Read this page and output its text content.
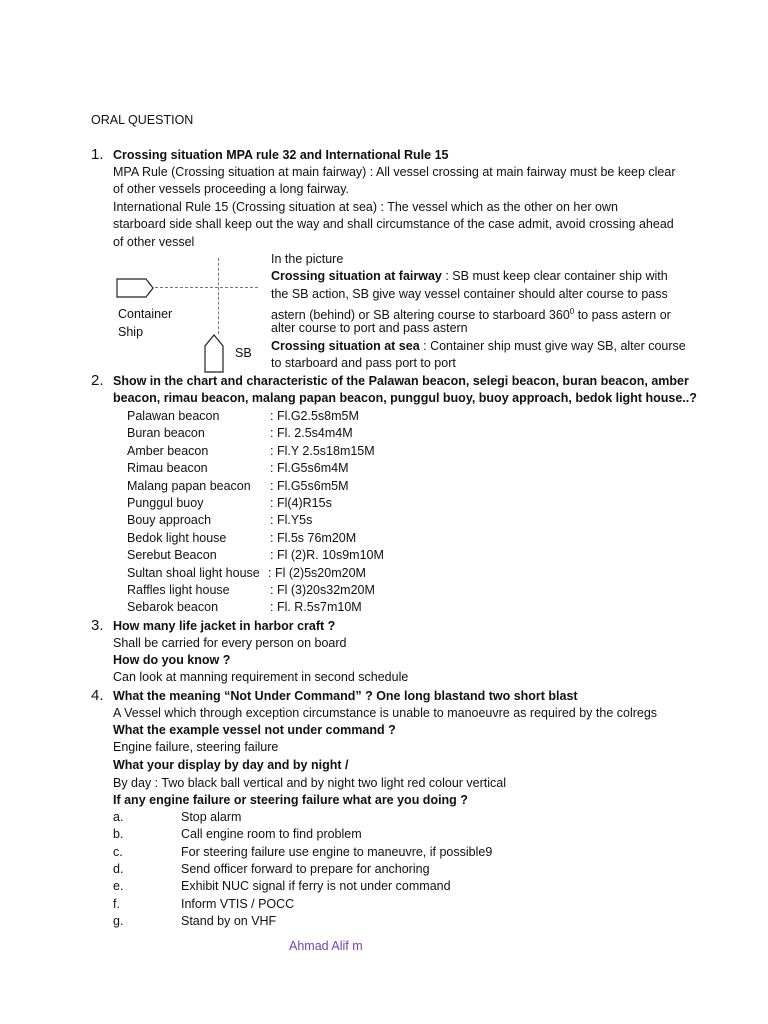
ORAL QUESTION
1. Crossing situation MPA rule 32 and International Rule 15
MPA Rule (Crossing situation at main fairway) : All vessel crossing at main fairway must be keep clear
of other vessels proceeding a long fairway.
International Rule 15 (Crossing situation at sea) : The vessel which as the other on her own
starboard side shall keep out the way and shall circumstance of the case admit, avoid crossing ahead
of other vessel
Container
Ship
SB
In the picture
Crossing situation at fairway : SB must keep clear container ship with
the SB action, SB give way vessel container should alter course to pass
astern (behind) or SB altering course to starboard $360^0$ to pass astern or
alter course to port and pass astern
Crossing situation at sea : Container ship must give way SB, alter course
to starboard and pass port to port
2. Show in the chart and characteristic of the Palawan beacon, selegi beacon, buran beacon, amber
beacon, rimau beacon, malang papan beacon, punggul buoy, buoy approach, bedok light house..?
Palawan beacon	: Fl.G2.5s8m5M
Buran beacon	: Fl. 2.5s4m4M
Amber beacon	: Fl.Y 2.5s18m15M
Rimau beacon	: Fl.G5s6m4M
Malang papan beacon : Fl.G5s6m5M
Punggul buoy	: Fl(4)R15s
Bouy approach	: Fl.Y5s
Bedok light house	: Fl.5s 76m20M
Serebut Beacon	: Fl (2)R. 10s9m10M
Sultan shoal light house : Fl (2)5s20m20M
Raffles light house	: Fl (3)20s32m20M
Sebarok beacon	: Fl. R.5s7m10M
3. How many life jacket in harbor craft ?
Shall be carried for every person on board
How do you know ?
Can look at manning requirement in second schedule
4. What the meaning “Not Under Command” ? One long blastand two short blast
A Vessel which through exception circumstance is unable to manoeuvre as required by the colregs
What the example vessel not under command ?
Engine failure, steering failure
What your display by day and by night /
By day : Two black ball vertical and by night two light red colour vertical
If any engine failure or steering failure what are you doing ?
a.	Stop alarm
b.	Call engine room to find problem
c.	For steering failure use engine to maneuvre, if possible9
d.	Send officer forward to prepare for anchoring
e.	Exhibit NUC signal if ferry is not under command
f.	Inform VTIS / POCC
g.	Stand by on VHF
Ahmad Alif m
